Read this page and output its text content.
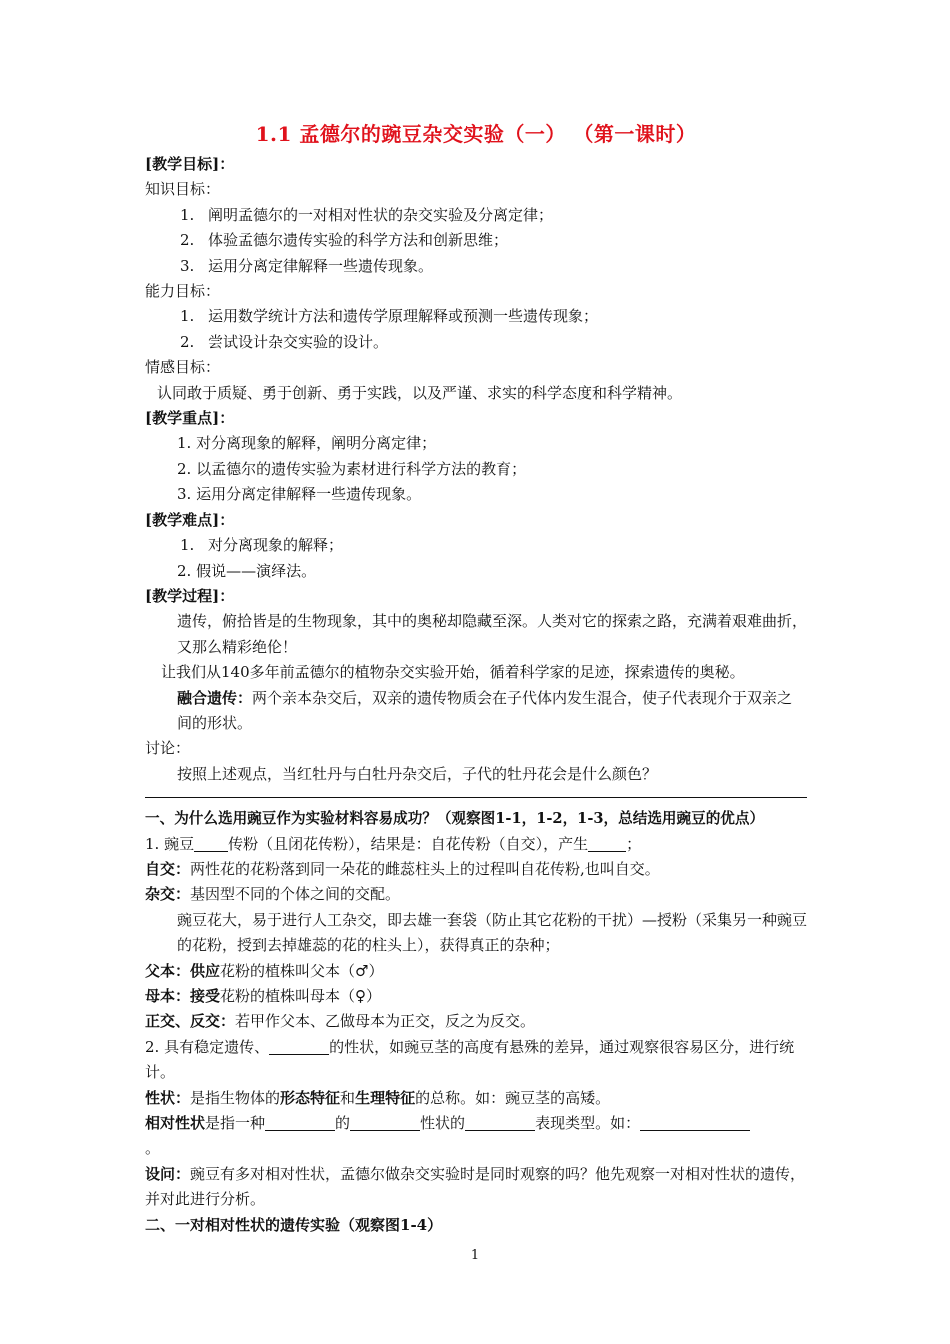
1.1 孟德尔的豌豆杂交实验（一） （第一课时）
[教学目标]：
知识目标：
1. 阐明孟德尔的一对相对性状的杂交实验及分离定律；
2. 体验孟德尔遗传实验的科学方法和创新思维；
3. 运用分离定律解释一些遗传现象。
能力目标：
1. 运用数学统计方法和遗传学原理解释或预测一些遗传现象；
2. 尝试设计杂交实验的设计。
情感目标：
认同敢于质疑、勇于创新、勇于实践，以及严谨、求实的科学态度和科学精神。
[教学重点]：
1. 对分离现象的解释，阐明分离定律；
2. 以孟德尔的遗传实验为素材进行科学方法的教育；
3. 运用分离定律解释一些遗传现象。
[教学难点]：
1. 对分离现象的解释；
2. 假说——演绎法。
[教学过程]：
遗传，俯拾皆是的生物现象，其中的奥秘却隐藏至深。人类对它的探索之路，充满着艰难曲折，又那么精彩绝伦！
让我们从140多年前孟德尔的植物杂交实验开始，循着科学家的足迹，探索遗传的奥秘。
融合遗传：两个亲本杂交后，双亲的遗传物质会在子代体内发生混合，使子代表现介于双亲之间的形状。
讨论：
按照上述观点，当红牡丹与白牡丹杂交后，子代的牡丹花会是什么颜色？
一、为什么选用豌豆作为实验材料容易成功？（观察图1-1，1-2，1-3，总结选用豌豆的优点）
1. 豌豆 传粉（且闭花传粉），结果是：自花传粉（自交），产生	；
自交：两性花的花粉落到同一朵花的雌蕊柱头上的过程叫自花传粉,也叫自交。
杂交：基因型不同的个体之间的交配。
豌豆花大，易于进行人工杂交，即去雄一套袋（防止其它花粉的干扰）—授粉（采集另一种豌豆的花粉，授到去掉雄蕊的花的柱头上），获得真正的杂种；
父本：供应花粉的植株叫父本（♂）
母本：接受花粉的植株叫母本（♀）
正交、反交：若甲作父本、乙做母本为正交，反之为反交。
2. 具有稳定遗传、	的性状，如豌豆茎的高度有悬殊的差异，通过观察很容易区分，进行统计。
性状：是指生物体的形态特征和生理特征的总称。如：豌豆茎的高矮。
相对性状是指一种	的	性状的	表现类型。如：
。
设问：豌豆有多对相对性状，孟德尔做杂交实验时是同时观察的吗？他先观察一对相对性状的遗传，并对此进行分析。
二、一对相对性状的遗传实验（观察图1-4）
1
